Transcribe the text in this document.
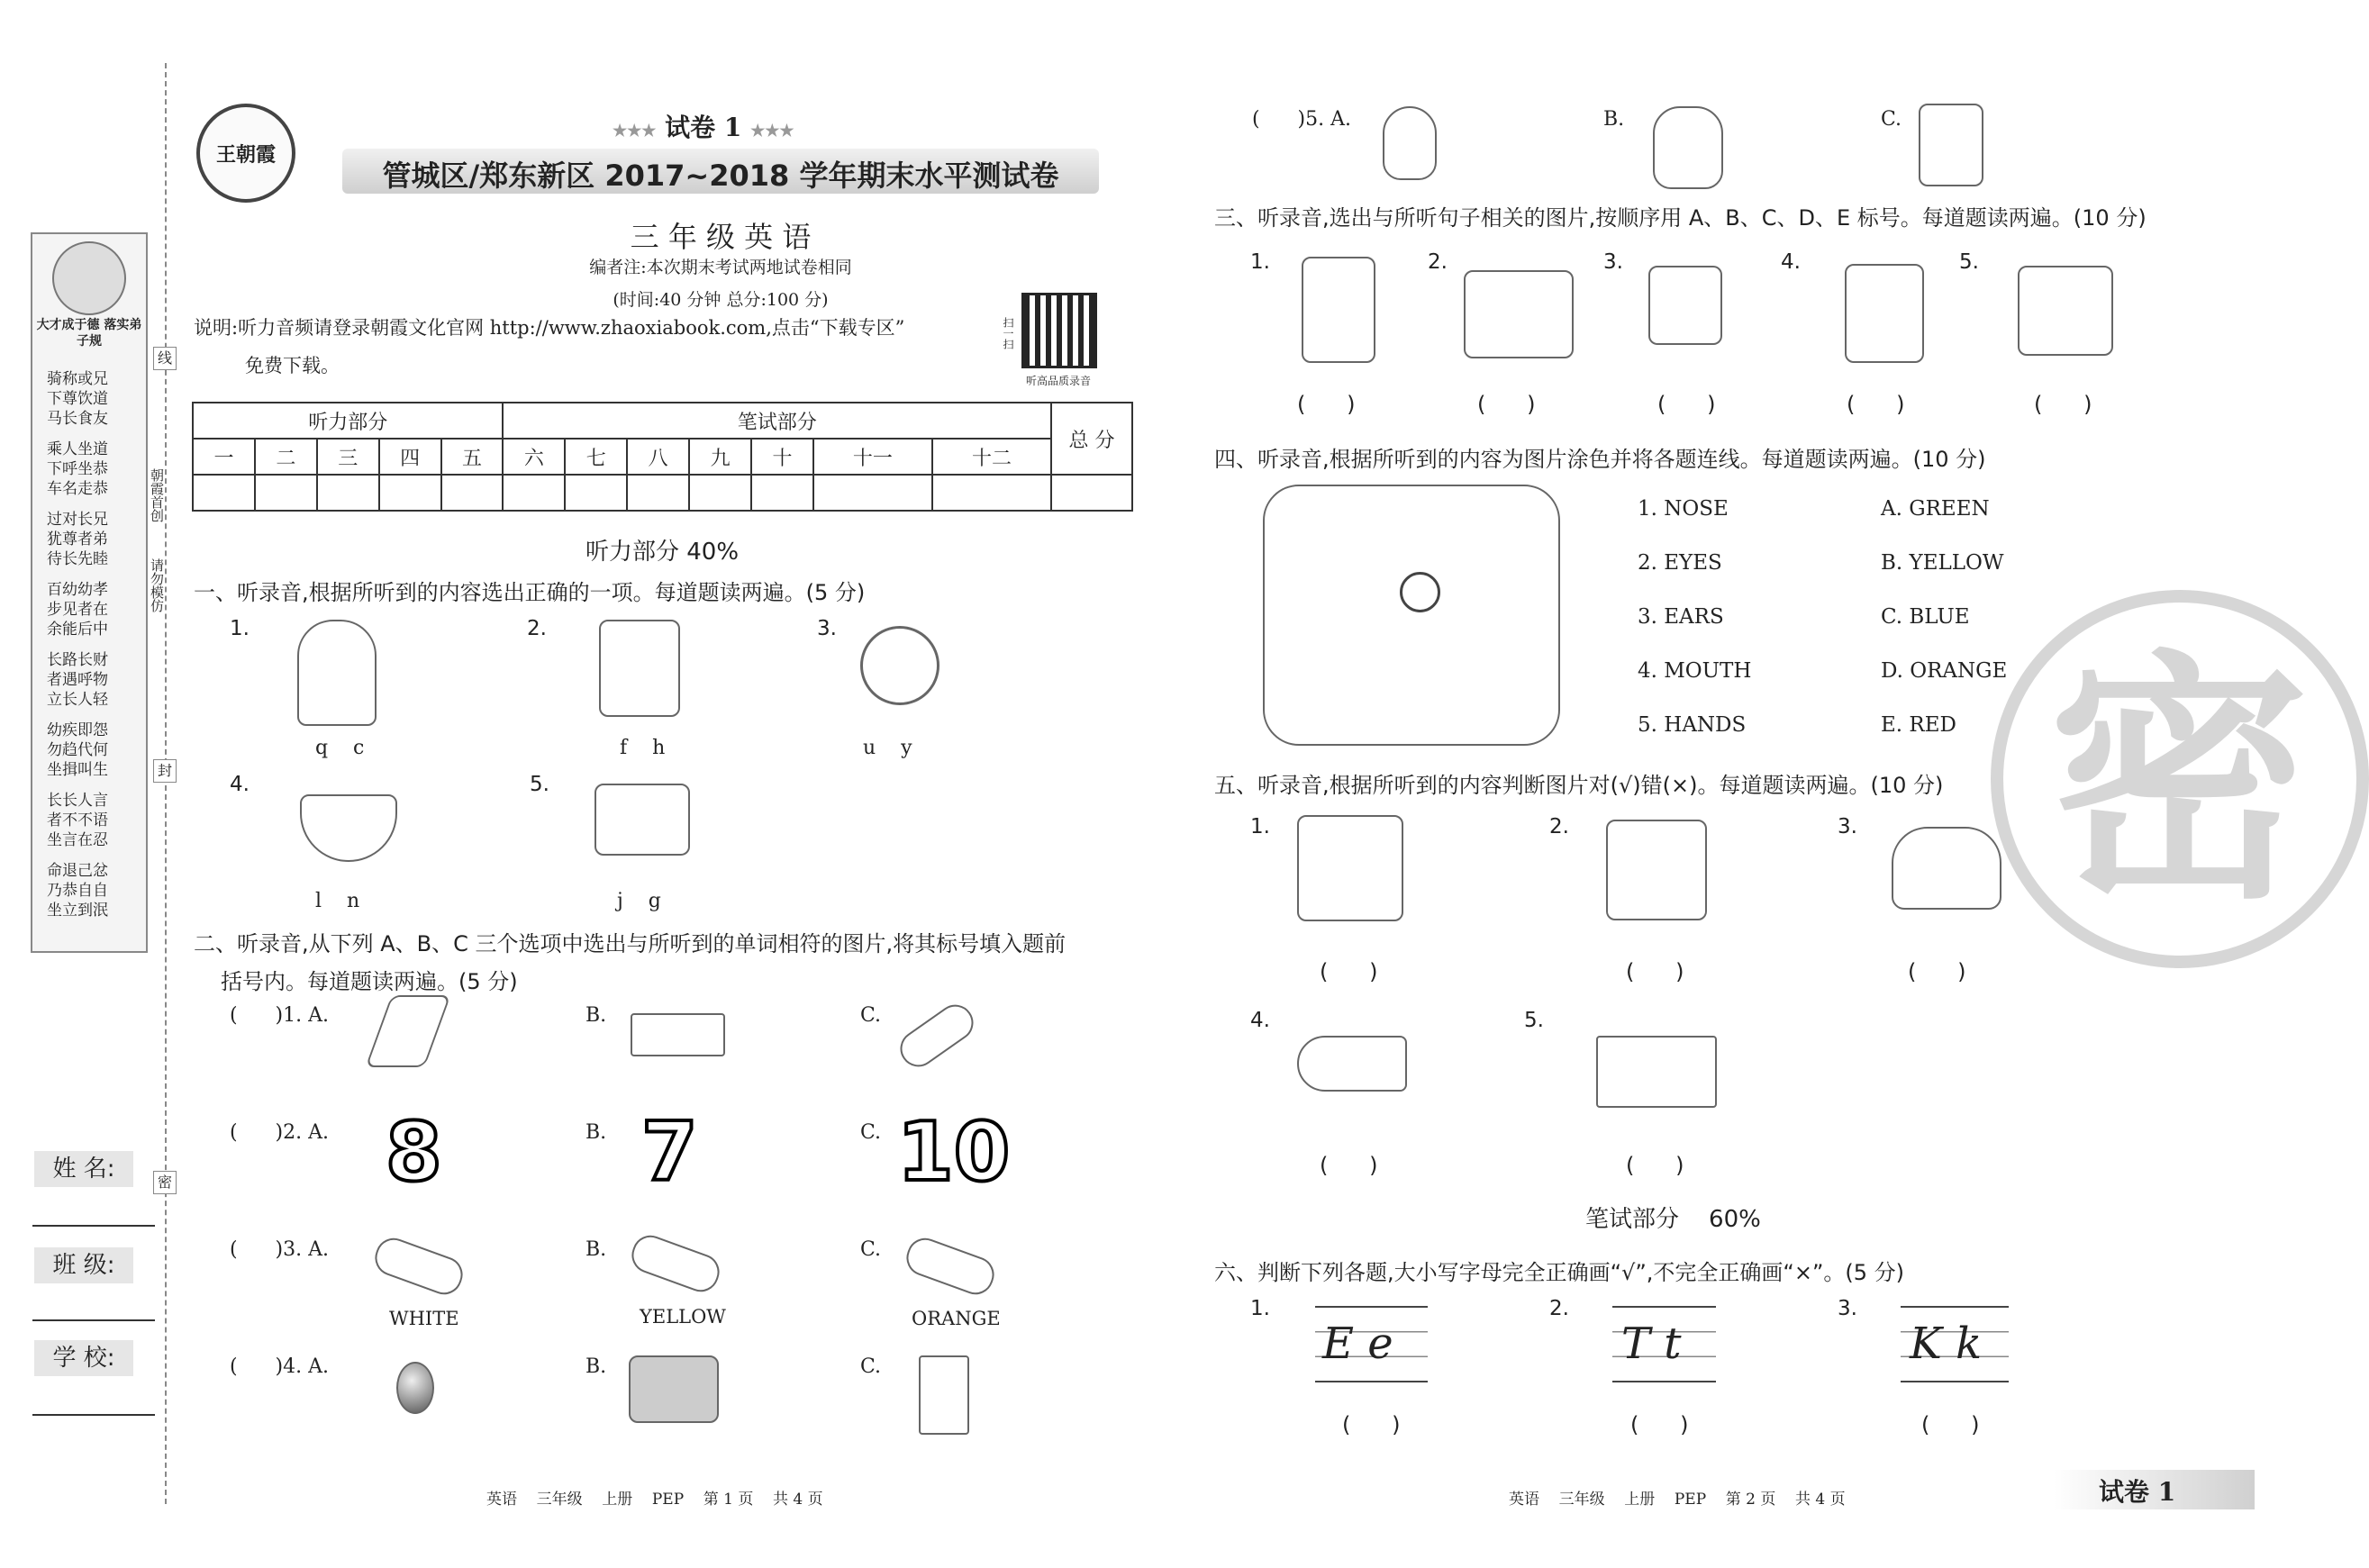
大才成于德 落实弟子规
骑称或兄
下尊饮道
马长食友
乘人坐道
下呼坐恭
车名走恭
过对长兄
犹尊者弟
待长先睦
百幼幼孝
步见者在
余能后中
长路长财
者遇呼物
立长人轻
幼疾即怨
勿趋代何
坐揖叫生
长长人言
者不不语
坐言在忍
命退己忿
乃恭自自
坐立到泯
姓 名:
班 级:
学 校:
线
封
密
朝霞首创
请勿模仿
王朝霞
★★★ 试卷 1 ★★★
管城区/郑东新区 2017~2018 学年期末水平测试卷
三 年 级 英 语
编者注:本次期末考试两地试卷相同
(时间:40 分钟 总分:100 分)
说明:听力音频请登录朝霞文化官网 http://www.zhaoxiabook.com,点击“下载专区”
免费下载。
扫一扫
听高品质录音
听力部分					笔试部分							总 分
一	二	三	四	五	六	七	八	九	十	十一	十二	

听力部分 40%
一、听录音,根据所听到的内容选出正确的一项。每道题读两遍。(5 分)
1.
q    c
2.
f    h
3.
u    y
4.
l    n
5.
j    g
二、听录音,从下列 A、B、C 三个选项中选出与所听到的单词相符的图片,将其标号填入题前
括号内。每道题读两遍。(5 分)
(      )1. A.	B.	C.
(      )2. A. 8	B. 7	C. 10
(      )3. A.
WHITE
B.
YELLOW
C.
ORANGE
(      )4. A.	B.	C.
(      )5. A.	B.	C.
三、听录音,选出与所听句子相关的图片,按顺序用 A、B、C、D、E 标号。每道题读两遍。(10 分)
1.
(      )
2.
(      )
3.
(      )
4.
(      )
5.
(      )
四、听录音,根据所听到的内容为图片涂色并将各题连线。每道题读两遍。(10 分)
1. NOSE
2. EYES
3. EARS
4. MOUTH
5. HANDS
A. GREEN
B. YELLOW
C. BLUE
D. ORANGE
E. RED
五、听录音,根据所听到的内容判断图片对(√)错(×)。每道题读两遍。(10 分)
1.
(      )
2.
(      )
3.
(      )
4.
(      )
5.
(      )
笔试部分    60%
六、判断下列各题,大小写字母完全正确画“√”,不完全正确画“×”。(5 分)
1.
E e
(      )
2.
T t
(      )
3.
K k
(      )
密
英语    三年级    上册    PEP    第 1 页    共 4 页	英语    三年级    上册    PEP    第 2 页    共 4 页	试卷 1
